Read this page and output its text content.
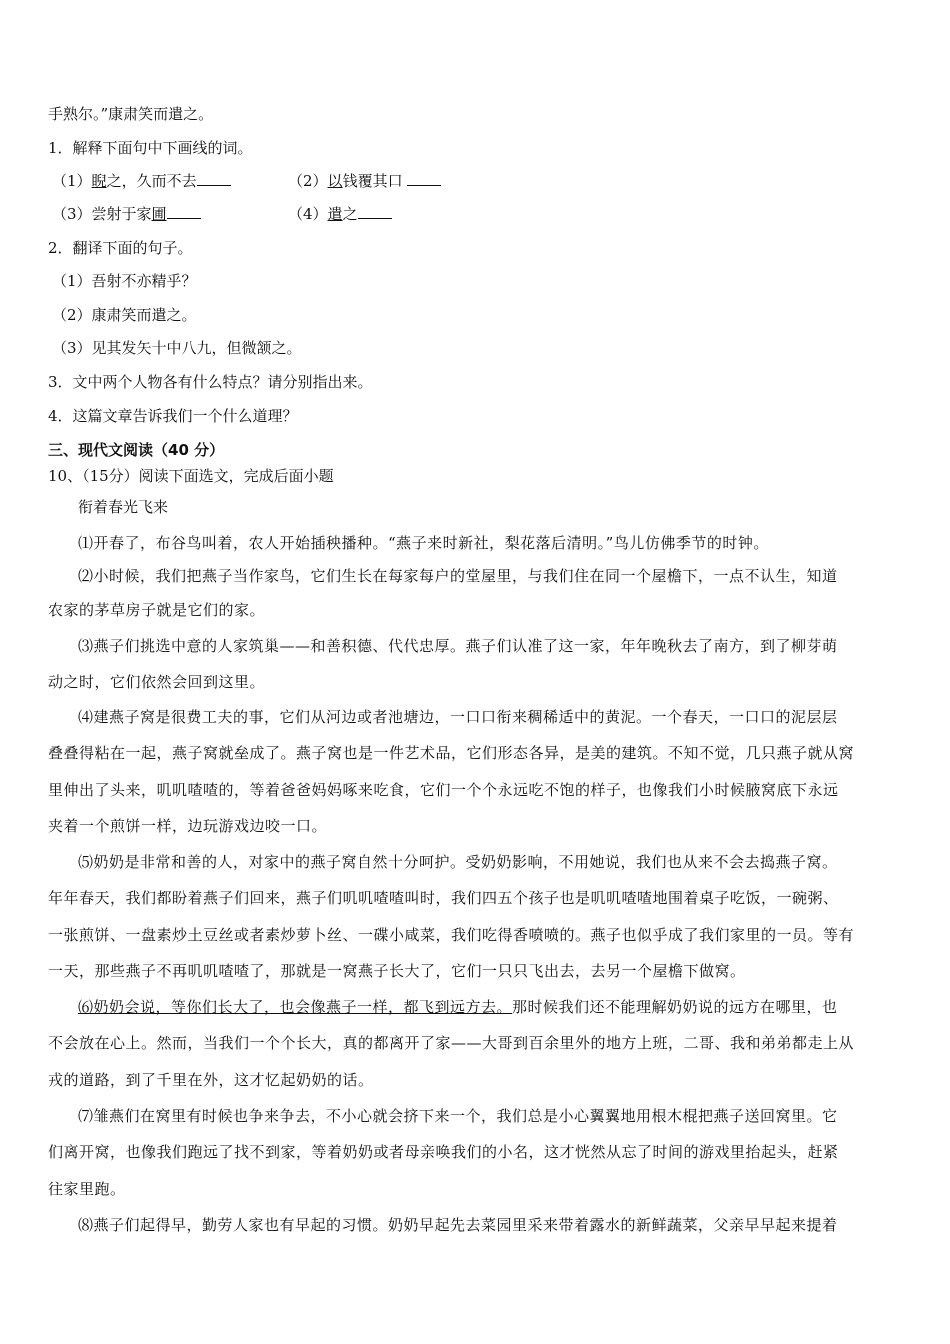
手熟尔。”康肃笑而遣之。
1．解释下面句中下画线的词。
（1）睨之，久而不去	（2）以钱覆其口
（3）尝射于家圃	（4）遣之
2．翻译下面的句子。
（1）吾射不亦精乎？
（2）康肃笑而遣之。
（3）见其发矢十中八九，但微颔之。
3．文中两个人物各有什么特点？请分别指出来。
4．这篇文章告诉我们一个什么道理？
三、现代文阅读（40 分）
10、（15分）阅读下面选文，完成后面小题
衔着春光飞来
⑴开春了，布谷鸟叫着，农人开始插秧播种。“燕子来时新社，梨花落后清明。”鸟儿仿佛季节的时钟。
⑵小时候，我们把燕子当作家鸟，它们生长在每家每户的堂屋里，与我们住在同一个屋檐下，一点不认生，知道
农家的茅草房子就是它们的家。
⑶燕子们挑选中意的人家筑巢——和善积德、代代忠厚。燕子们认准了这一家，年年晚秋去了南方，到了柳芽萌
动之时，它们依然会回到这里。
⑷建燕子窝是很费工夫的事，它们从河边或者池塘边，一口口衔来稠稀适中的黄泥。一个春天，一口口的泥层层
叠叠得粘在一起，燕子窝就垒成了。燕子窝也是一件艺术品，它们形态各异，是美的建筑。不知不觉，几只燕子就从窝
里伸出了头来，叽叽喳喳的，等着爸爸妈妈啄来吃食，它们一个个永远吃不饱的样子，也像我们小时候腋窝底下永远
夹着一个煎饼一样，边玩游戏边咬一口。
⑸奶奶是非常和善的人，对家中的燕子窝自然十分呵护。受奶奶影响，不用她说，我们也从来不会去捣燕子窝。
年年春天，我们都盼着燕子们回来，燕子们叽叽喳喳叫时，我们四五个孩子也是叽叽喳喳地围着桌子吃饭，一碗粥、
一张煎饼、一盘素炒土豆丝或者素炒萝卜丝、一碟小咸菜，我们吃得香喷喷的。燕子也似乎成了我们家里的一员。等有
一天，那些燕子不再叽叽喳喳了，那就是一窝燕子长大了，它们一只只飞出去，去另一个屋檐下做窝。
⑹奶奶会说，等你们长大了，也会像燕子一样，都飞到远方去。那时候我们还不能理解奶奶说的远方在哪里，也
不会放在心上。然而，当我们一个个长大，真的都离开了家——大哥到百余里外的地方上班，二哥、我和弟弟都走上从
戎的道路，到了千里在外，这才忆起奶奶的话。
⑺雏燕们在窝里有时候也争来争去，不小心就会挤下来一个，我们总是小心翼翼地用根木棍把燕子送回窝里。它
们离开窝，也像我们跑远了找不到家，等着奶奶或者母亲唤我们的小名，这才恍然从忘了时间的游戏里抬起头，赶紧
往家里跑。
⑻燕子们起得早，勤劳人家也有早起的习惯。奶奶早起先去菜园里采来带着露水的新鲜蔬菜，父亲早早起来提着
